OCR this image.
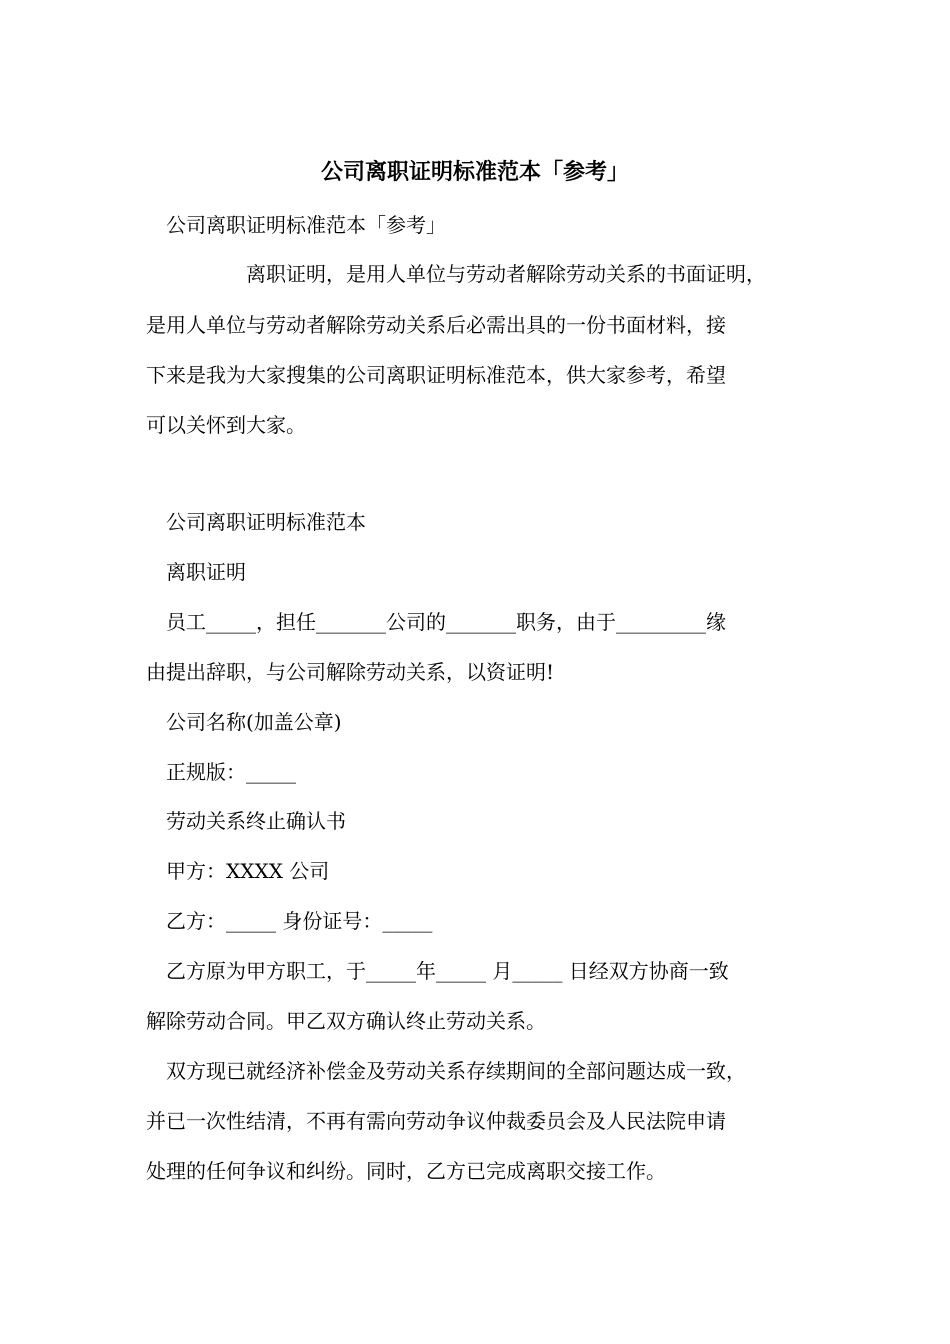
公司离职证明标准范本「参考」
公司离职证明标准范本「参考」
离职证明，是用人单位与劳动者解除劳动关系的书面证明，
是用人单位与劳动者解除劳动关系后必需出具的一份书面材料，接
下来是我为大家搜集的公司离职证明标准范本，供大家参考，希望
可以关怀到大家。
公司离职证明标准范本
离职证明
员工_____，担任_______公司的_______职务，由于_________缘
由提出辞职，与公司解除劳动关系，以资证明!
公司名称(加盖公章)
正规版：_____
劳动关系终止确认书
甲方：XXXX 公司
乙方：_____ 身份证号：_____
乙方原为甲方职工，于_____年_____ 月_____ 日经双方协商一致
解除劳动合同。甲乙双方确认终止劳动关系。
双方现已就经济补偿金及劳动关系存续期间的全部问题达成一致，
并已一次性结清，不再有需向劳动争议仲裁委员会及人民法院申请
处理的任何争议和纠纷。同时，乙方已完成离职交接工作。
